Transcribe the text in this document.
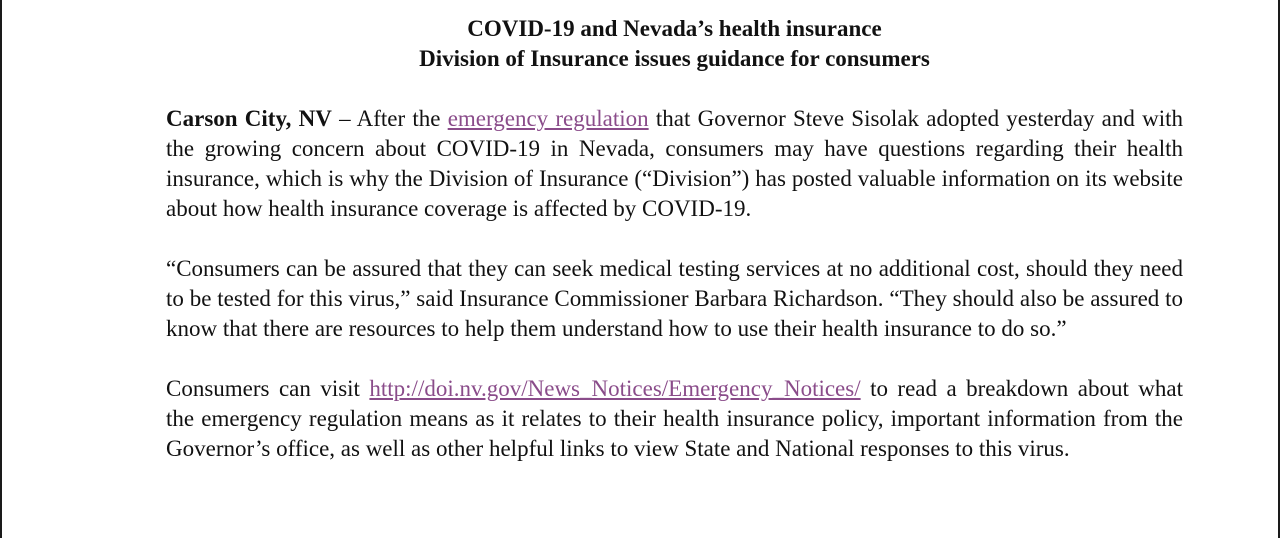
COVID-19 and Nevada’s health insurance
Division of Insurance issues guidance for consumers

Carson City, NV – After the emergency regulation that Governor Steve Sisolak adopted yesterday and with the growing concern about COVID-19 in Nevada, consumers may have questions regarding their health insurance, which is why the Division of Insurance (“Division”) has posted valuable information on its website about how health insurance coverage is affected by COVID-19.

“Consumers can be assured that they can seek medical testing services at no additional cost, should they need to be tested for this virus,” said Insurance Commissioner Barbara Richardson. “They should also be assured to know that there are resources to help them understand how to use their health insurance to do so.”

Consumers can visit http://doi.nv.gov/News_Notices/Emergency_Notices/ to read a breakdown about what the emergency regulation means as it relates to their health insurance policy, important information from the Governor’s office, as well as other helpful links to view State and National responses to this virus.
